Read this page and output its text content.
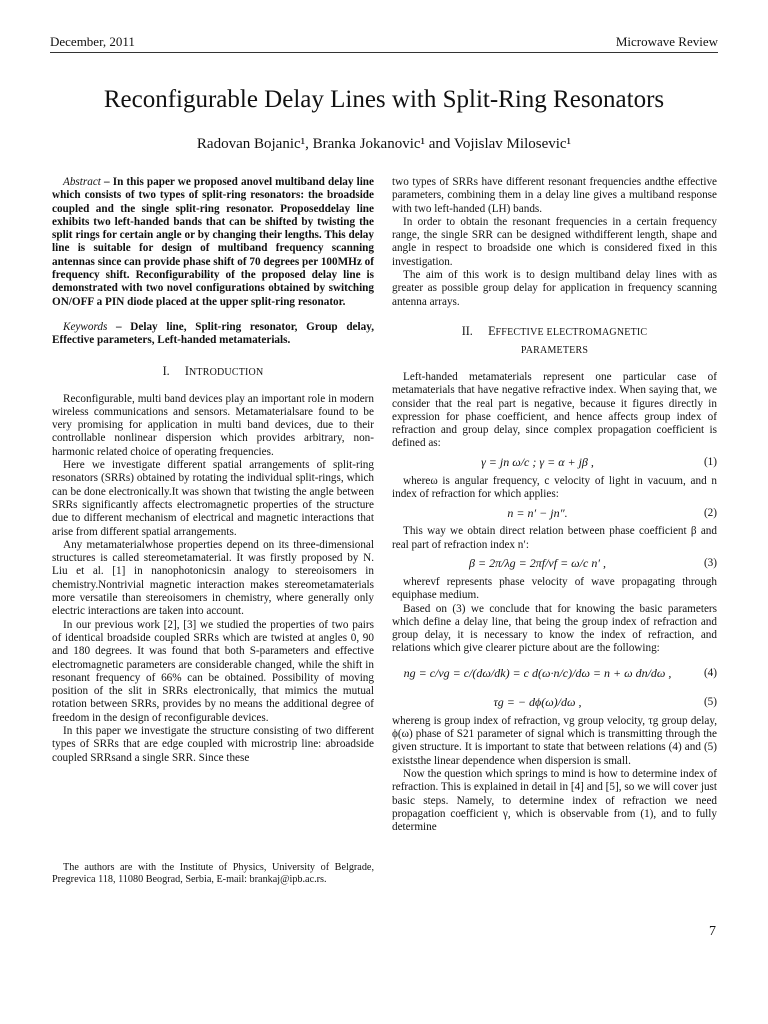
December, 2011	Microwave Review
Reconfigurable Delay Lines with Split-Ring Resonators
Radovan Bojanic¹, Branka Jokanovic¹ and Vojislav Milosevic¹

Abstract – In this paper we proposed anovel multiband delay line which consists of two types of split-ring resonators: the broadside coupled and the single split-ring resonator. Proposeddelay line exhibits two left-handed bands that can be shifted by twisting the split rings for certain angle or by changing their lengths. This delay line is suitable for design of multiband frequency scanning antennas since can provide phase shift of 70 degrees per 100MHz of frequency shift. Reconfigurability of the proposed delay line is demonstrated with two novel configurations obtained by switching ON/OFF a PIN diode placed at the upper split-ring resonator.

Keywords – Delay line, Split-ring resonator, Group delay, Effective parameters, Left-handed metamaterials.

I. INTRODUCTION

Reconfigurable, multi band devices play an important role in modern wireless communications and sensors. Metamaterialsare found to be very promising for application in multi band devices, due to their controllable nonlinear dispersion which provides arbitrary, non-harmonic related choice of operating frequencies.

Here we investigate different spatial arrangements of split-ring resonators (SRRs) obtained by rotating the individual split-rings, which can be done electronically.It was shown that twisting the angle between SRRs significantly affects electromagnetic properties of the structure due to different mechanism of electrical and magnetic interactions that arise from different spatial arrangements.

Any metamaterialwhose properties depend on its three-dimensional structures is called stereometamaterial. It was firstly proposed by N. Liu et al. [1] in nanophotonicsin analogy to stereoisomers in chemistry.Nontrivial magnetic interaction makes stereometamaterials more versatile than stereoisomers in chemistry, where generally only electric interactions are taken into account.

In our previous work [2], [3] we studied the properties of two pairs of identical broadside coupled SRRs which are twisted at angles 0, 90 and 180 degrees. It was found that both S-parameters and effective electromagnetic parameters are considerable changed, while the shift in resonant frequency of 66% can be obtained. Possibility of moving position of the slit in SRRs electronically, that mimics the mutual rotation between SRRs, provides by no means the additional degree of freedom in the design of reconfigurable devices.

In this paper we investigate the structure consisting of two different types of SRRs that are edge coupled with microstrip line: abroadside coupled SRRsand a single SRR. Since these

The authors are with the Institute of Physics, University of Belgrade, Pregrevica 118, 11080 Beograd, Serbia, E-mail: brankaj@ipb.ac.rs.

two types of SRRs have different resonant frequencies andthe effective parameters, combining them in a delay line gives a multiband response with two left-handed (LH) bands.

In order to obtain the resonant frequencies in a certain frequency range, the single SRR can be designed withdifferent length, shape and angle in respect to broadside one which is considered fixed in this investigation.

The aim of this work is to design multiband delay lines with as greater as possible group delay for application in frequency scanning antenna arrays.

II. EFFECTIVE ELECTROMAGNETIC
PARAMETERS

Left-handed metamaterials represent one particular case of metamaterials that have negative refractive index. When saying that, we consider that the real part is negative, because it figures directly in expression for phase coefficient, and hence affects group index of refraction and group delay, since complex propagation coefficient is defined as:

γ = jn ω/c ; γ = α + jβ ,	(1)

whereω is angular frequency, c velocity of light in vacuum, and n index of refraction for which applies:

n = n′ − jn″.	(2)

This way we obtain direct relation between phase coefficient β and real part of refraction index n′:

β = 2π/λg = 2πf/vf = ω/c n′ ,	(3)

wherevf represents phase velocity of wave propagating through equiphase medium.

Based on (3) we conclude that for knowing the basic parameters which define a delay line, that being the group index of refraction and group delay, it is necessary to know the index of refraction, and relations which give clearer picture about are the following:

ng = c/vg = c/(dω/dk) = c d(ω·n/c)/dω = n + ω dn/dω ,	(4)
τg = − dϕ(ω)/dω ,	(5)

whereng is group index of refraction, vg group velocity, τg group delay, ϕ(ω) phase of S21 parameter of signal which is transmitting through the given structure. It is important to state that between relations (4) and (5) existsthe linear dependence when dispersion is small.

Now the question which springs to mind is how to determine index of refraction. This is explained in detail in [4] and [5], so we will cover just basic steps. Namely, to determine index of refraction we need propagation coefficient γ, which is observable from (1), and to fully determine

7
